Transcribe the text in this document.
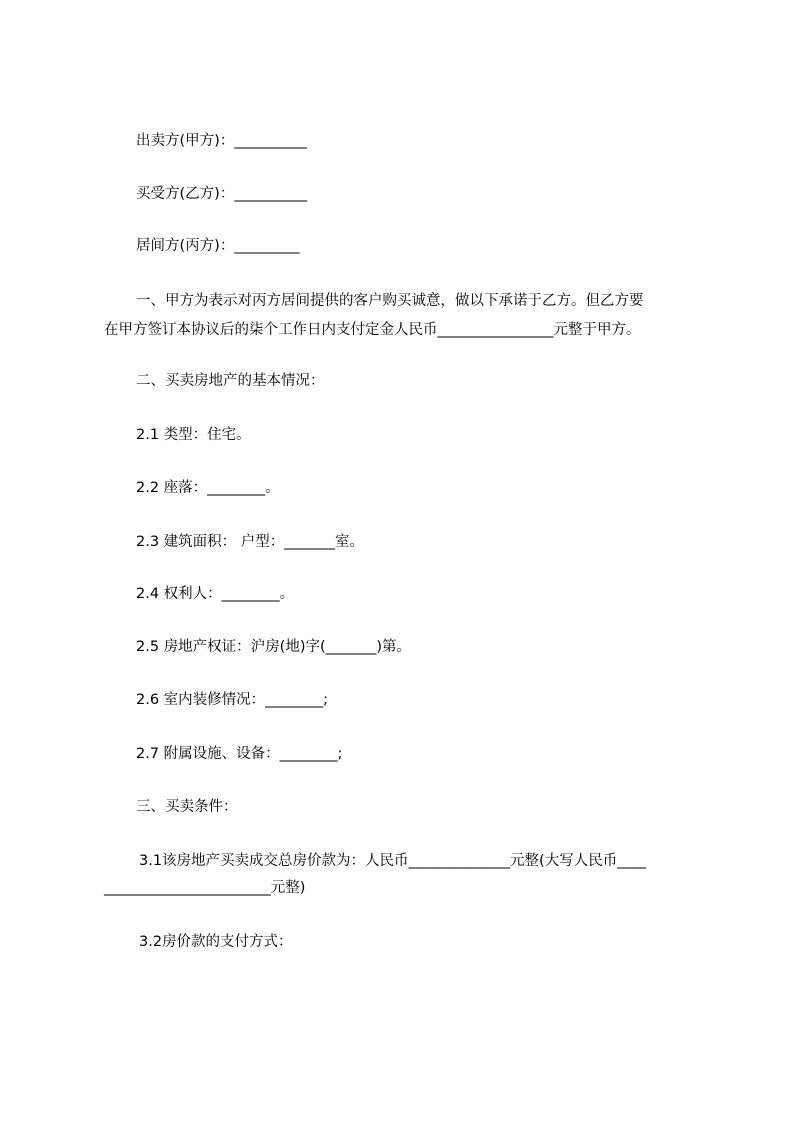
出卖方(甲方)：__________
买受方(乙方)：__________
居间方(丙方)：_________
一、甲方为表示对丙方居间提供的客户购买诚意，做以下承诺于乙方。但乙方要
在甲方签订本协议后的柒个工作日内支付定金人民币________________元整于甲方。
二、买卖房地产的基本情况：
2.1 类型：住宅。
2.2 座落：________。
2.3 建筑面积： 户型：_______室。
2.4 权利人：________。
2.5 房地产权证：沪房(地)字(_______)第。
2.6 室内装修情况：________;
2.7 附属设施、设备：________;
三、买卖条件：
3.1该房地产买卖成交总房价款为：人民币______________元整(大写人民币____
_______________________元整)
3.2房价款的支付方式：
